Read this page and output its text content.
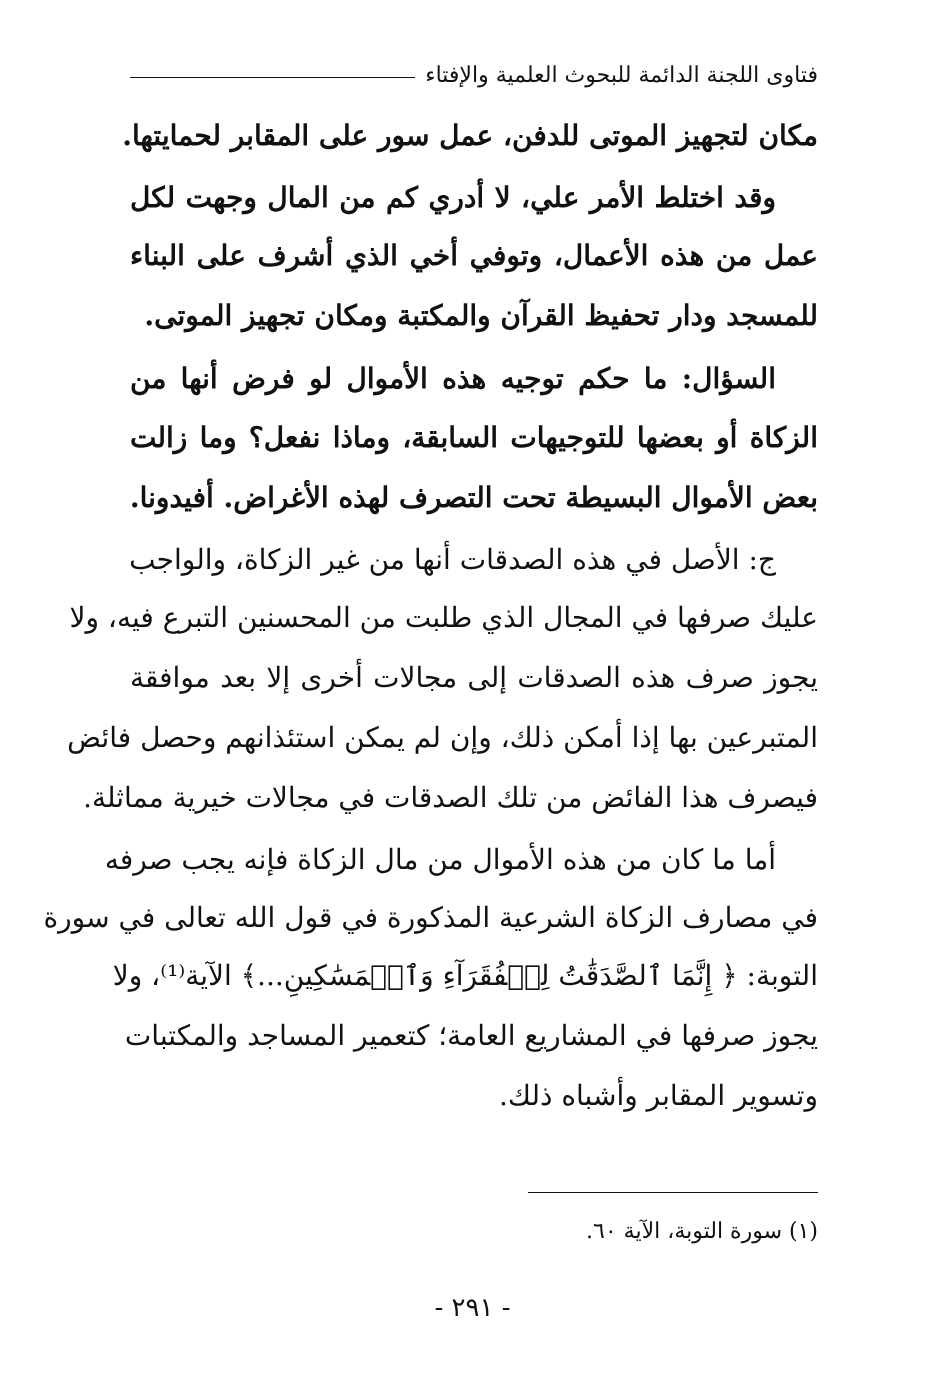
فتاوى اللجنة الدائمة للبحوث العلمية والإفتاء
مكان لتجهيز الموتى للدفن، عمل سور على المقابر لحمايتها.
وقد اختلط الأمر علي، لا أدري كم من المال وجهت لكل
عمل من هذه الأعمال، وتوفي أخي الذي أشرف على البناء
للمسجد ودار تحفيظ القرآن والمكتبة ومكان تجهيز الموتى.
السؤال: ما حكم توجيه هذه الأموال لو فرض أنها من
الزكاة أو بعضها للتوجيهات السابقة، وماذا نفعل؟ وما زالت
بعض الأموال البسيطة تحت التصرف لهذه الأغراض. أفيدونا.
ج: الأصل في هذه الصدقات أنها من غير الزكاة، والواجب
عليك صرفها في المجال الذي طلبت من المحسنين التبرع فيه، ولا
يجوز صرف هذه الصدقات إلى مجالات أخرى إلا بعد موافقة
المتبرعين بها إذا أمكن ذلك، وإن لم يمكن استئذانهم وحصل فائض
فيصرف هذا الفائض من تلك الصدقات في مجالات خيرية مماثلة.
أما ما كان من هذه الأموال من مال الزكاة فإنه يجب صرفه
في مصارف الزكاة الشرعية المذكورة في قول الله تعالى في سورة
التوبة: ﴿ إِنَّمَا ٱلصَّدَقَٰتُ لِلۡفُقَرَآءِ وَٱلۡمَسَٰكِينِ...﴾ الآية⁽¹⁾، ولا
يجوز صرفها في المشاريع العامة؛ كتعمير المساجد والمكتبات
وتسوير المقابر وأشباه ذلك.
(١) سورة التوبة، الآية ٦٠.
- ٢٩١ -
